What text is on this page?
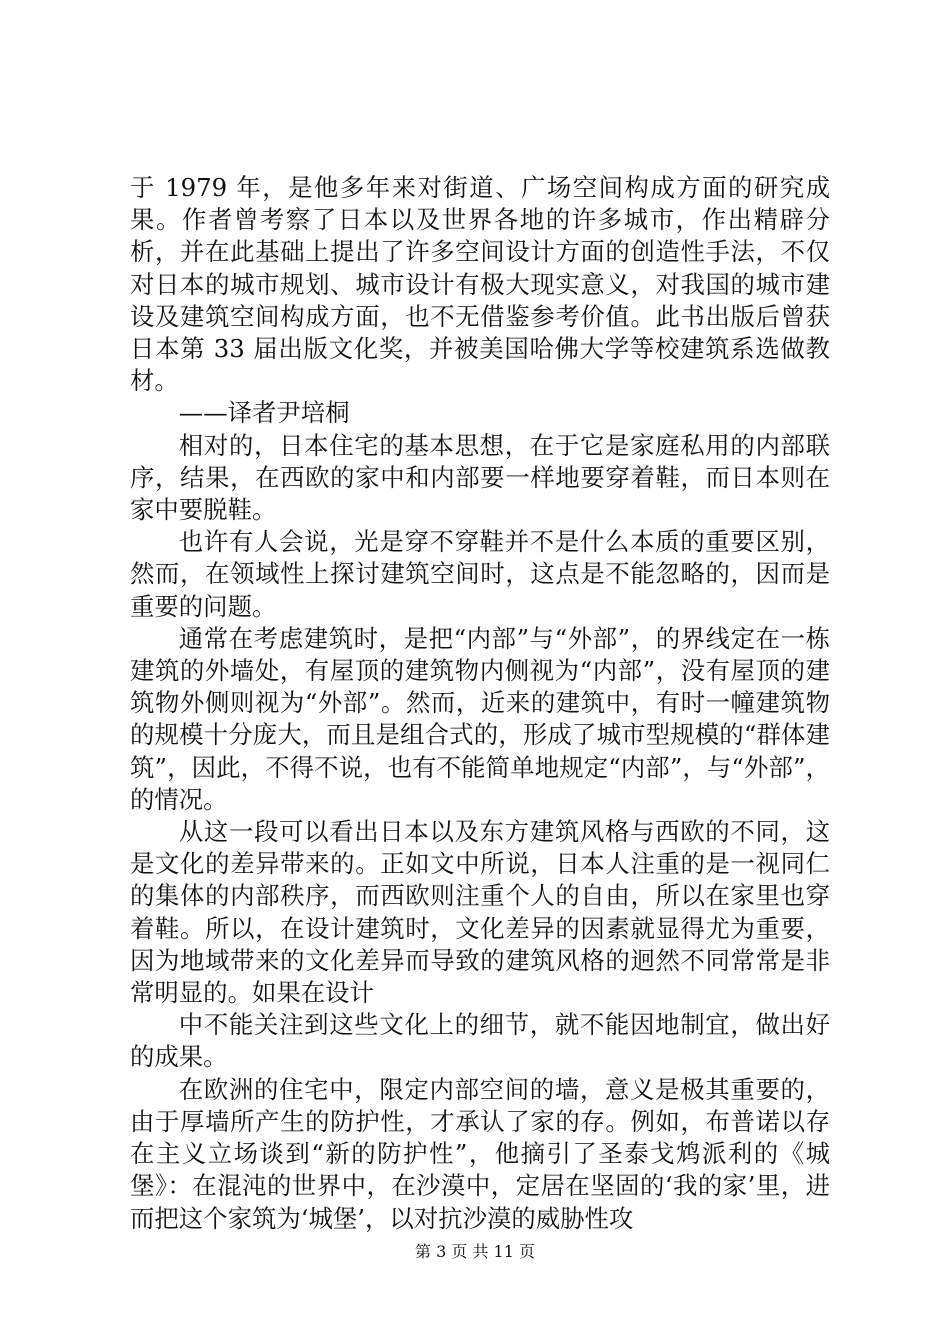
于 1979 年，是他多年来对街道、广场空间构成方面的研究成果。作者曾考察了日本以及世界各地的许多城市，作出精辟分析，并在此基础上提出了许多空间设计方面的创造性手法，不仅对日本的城市规划、城市设计有极大现实意义，对我国的城市建设及建筑空间构成方面，也不无借鉴参考价值。此书出版后曾获日本第 33 届出版文化奖，并被美国哈佛大学等校建筑系选做教材。

——译者尹培桐

相对的，日本住宅的基本思想，在于它是家庭私用的内部联序，结果，在西欧的家中和内部要一样地要穿着鞋，而日本则在家中要脱鞋。

也许有人会说，光是穿不穿鞋并不是什么本质的重要区别，然而，在领域性上探讨建筑空间时，这点是不能忽略的，因而是重要的问题。

通常在考虑建筑时，是把“内部”与“外部”，的界线定在一栋建筑的外墙处，有屋顶的建筑物内侧视为“内部”，没有屋顶的建筑物外侧则视为“外部”。然而，近来的建筑中，有时一幢建筑物的规模十分庞大，而且是组合式的，形成了城市型规模的“群体建筑”，因此，不得不说，也有不能简单地规定“内部”，与“外部”，的情况。

从这一段可以看出日本以及东方建筑风格与西欧的不同，这是文化的差异带来的。正如文中所说，日本人注重的是一视同仁的集体的内部秩序，而西欧则注重个人的自由，所以在家里也穿着鞋。所以，在设计建筑时，文化差异的因素就显得尤为重要，因为地域带来的文化差异而导致的建筑风格的迥然不同常常是非常明显的。如果在设计

中不能关注到这些文化上的细节，就不能因地制宜，做出好的成果。

在欧洲的住宅中，限定内部空间的墙，意义是极其重要的，由于厚墙所产生的防护性，才承认了家的存。例如，布普诺以存在主义立场谈到“新的防护性”，他摘引了圣泰戈鸩派利的《城堡》：在混沌的世界中，在沙漠中，定居在坚固的‘我的家’里，进而把这个家筑为‘城堡’，以对抗沙漠的威胁性攻

第 3 页 共 11 页
